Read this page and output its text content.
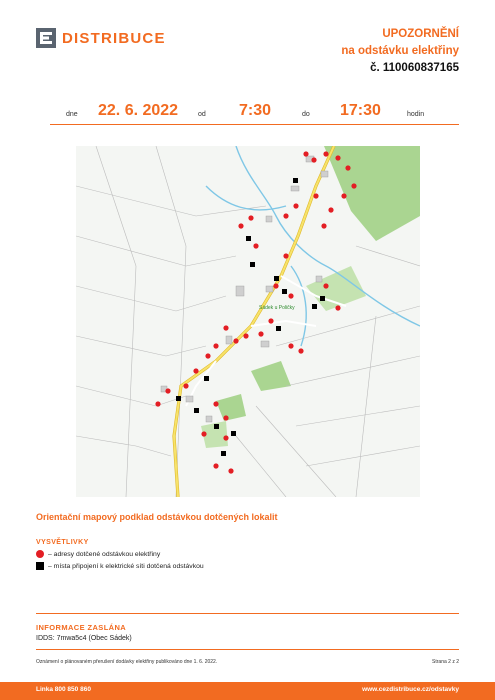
DISTRIBUCE	UPOZORNĚNÍ
na odstávku elektřiny
č. 110060837165
dne 22. 6. 2022	od 7:30	do 17:30	hodin
Sádek u Poličky
Orientační mapový podklad odstávkou dotčených lokalit
VYSVĚTLIVKY
– adresy dotčené odstávkou elektřiny
– místa připojení k elektrické síti dotčená odstávkou
INFORMACE ZASLÁNA
IDDS: 7mwa5c4 (Obec Sádek)
Oznámení o plánovaném přerušení dodávky elektřiny publikováno dne 1. 6. 2022.	Strana 2 z 2
Linka 800 850 860	www.cezdistribuce.cz/odstavky
